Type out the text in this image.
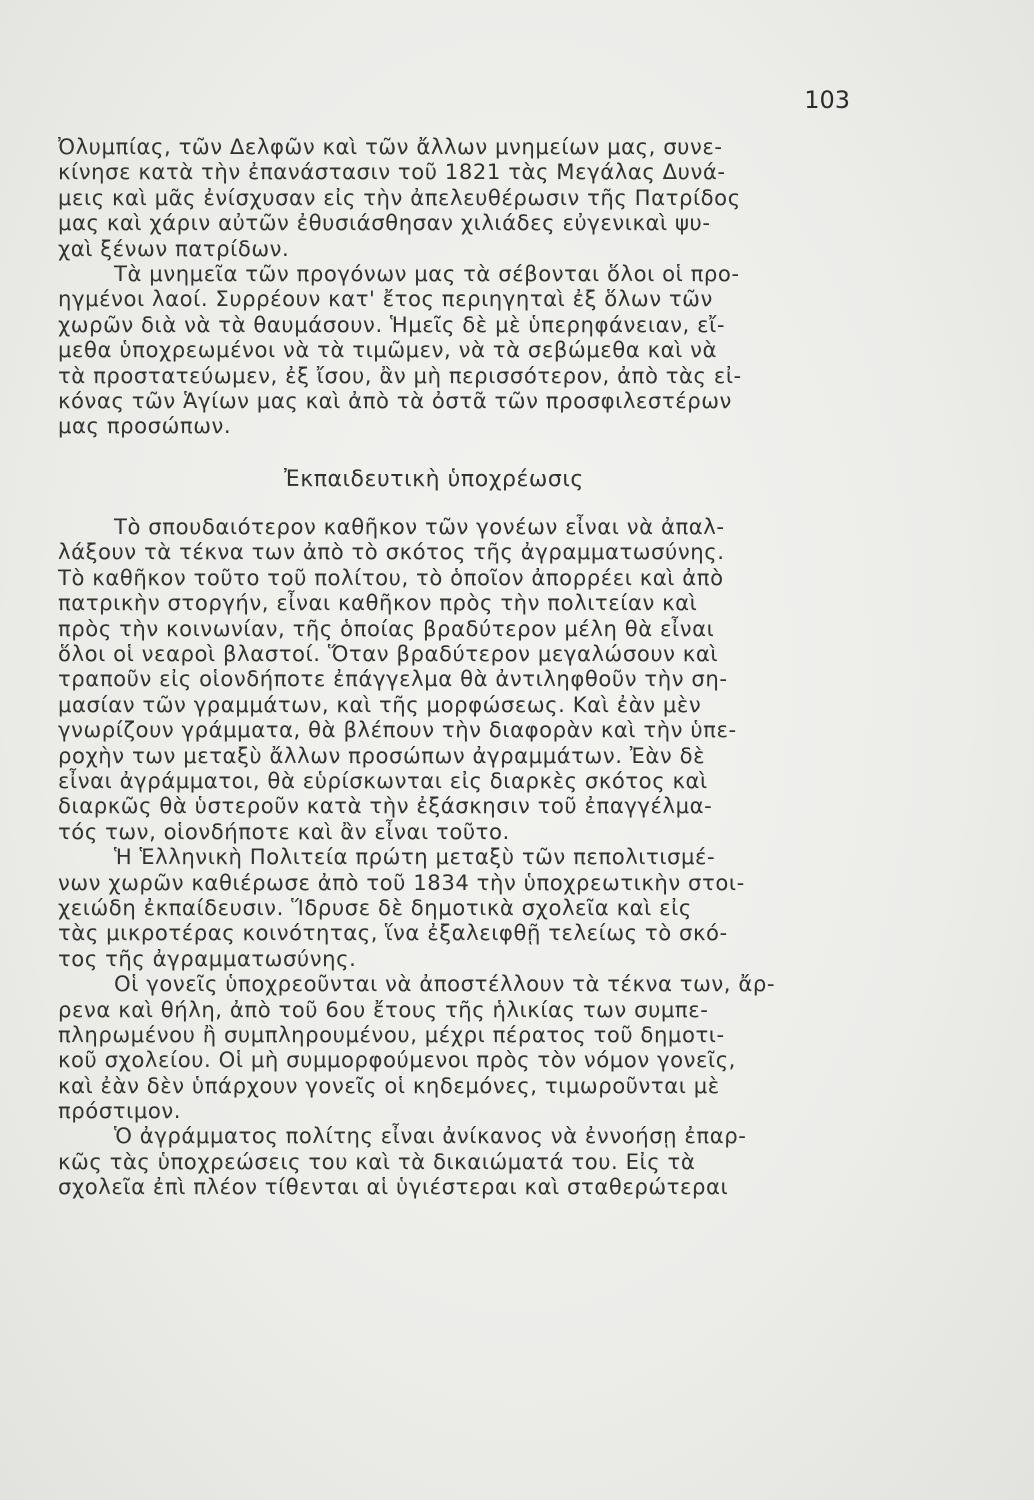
103
Ὀλυμπίας, τῶν Δελφῶν καὶ τῶν ἄλλων μνημείων μας, συνε-
κίνησε κατὰ τὴν ἐπανάστασιν τοῦ 1821 τὰς Μεγάλας Δυνά-
μεις καὶ μᾶς ἐνίσχυσαν εἰς τὴν ἀπελευθέρωσιν τῆς Πατρίδος
μας καὶ χάριν αὐτῶν ἐθυσιάσθησαν χιλιάδες εὐγενικαὶ ψυ-
χαὶ ξένων πατρίδων.
Τὰ μνημεῖα τῶν προγόνων μας τὰ σέβονται ὅλοι οἱ προ-
ηγμένοι λαοί. Συρρέουν κατ' ἔτος περιηγηταὶ ἐξ ὅλων τῶν
χωρῶν διὰ νὰ τὰ θαυμάσουν. Ἡμεῖς δὲ μὲ ὑπερηφάνειαν, εἴ-
μεθα ὑποχρεωμένοι νὰ τὰ τιμῶμεν, νὰ τὰ σεβώμεθα καὶ νὰ
τὰ προστατεύωμεν, ἐξ ἴσου, ἂν μὴ περισσότερον, ἀπὸ τὰς εἰ-
κόνας τῶν Ἁγίων μας καὶ ἀπὸ τὰ ὀστᾶ τῶν προσφιλεστέρων
μας προσώπων.
Ἐκπαιδευτικὴ ὑποχρέωσις
Τὸ σπουδαιότερον καθῆκον τῶν γονέων εἶναι νὰ ἀπαλ-
λάξουν τὰ τέκνα των ἀπὸ τὸ σκότος τῆς ἀγραμματωσύνης.
Τὸ καθῆκον τοῦτο τοῦ πολίτου, τὸ ὁποῖον ἀπορρέει καὶ ἀπὸ
πατρικὴν στοργήν, εἶναι καθῆκον πρὸς τὴν πολιτείαν καὶ
πρὸς τὴν κοινωνίαν, τῆς ὁποίας βραδύτερον μέλη θὰ εἶναι
ὅλοι οἱ νεαροὶ βλαστοί. Ὅταν βραδύτερον μεγαλώσουν καὶ
τραποῦν εἰς οἱονδήποτε ἐπάγγελμα θὰ ἀντιληφθοῦν τὴν ση-
μασίαν τῶν γραμμάτων, καὶ τῆς μορφώσεως. Καὶ ἐὰν μὲν
γνωρίζουν γράμματα, θὰ βλέπουν τὴν διαφορὰν καὶ τὴν ὑπε-
ροχὴν των μεταξὺ ἄλλων προσώπων ἀγραμμάτων. Ἐὰν δὲ
εἶναι ἀγράμματοι, θὰ εὑρίσκωνται εἰς διαρκὲς σκότος καὶ
διαρκῶς θὰ ὑστεροῦν κατὰ τὴν ἐξάσκησιν τοῦ ἐπαγγέλμα-
τός των, οἱονδήποτε καὶ ἂν εἶναι τοῦτο.
Ἡ Ἑλληνικὴ Πολιτεία πρώτη μεταξὺ τῶν πεπολιτισμέ-
νων χωρῶν καθιέρωσε ἀπὸ τοῦ 1834 τὴν ὑποχρεωτικὴν στοι-
χειώδη ἐκπαίδευσιν. Ἵδρυσε δὲ δημοτικὰ σχολεῖα καὶ εἰς
τὰς μικροτέρας κοινότητας, ἵνα ἐξαλειφθῇ τελείως τὸ σκό-
τος τῆς ἀγραμματωσύνης.
Οἱ γονεῖς ὑποχρεοῦνται νὰ ἀποστέλλουν τὰ τέκνα των, ἄρ-
ρενα καὶ θήλη, ἀπὸ τοῦ 6ου ἔτους τῆς ἡλικίας των συμπε-
πληρωμένου ἢ συμπληρουμένου, μέχρι πέρατος τοῦ δημοτι-
κοῦ σχολείου. Οἱ μὴ συμμορφούμενοι πρὸς τὸν νόμον γονεῖς,
καὶ ἐὰν δὲν ὑπάρχουν γονεῖς οἱ κηδεμόνες, τιμωροῦνται μὲ
πρόστιμον.
Ὁ ἀγράμματος πολίτης εἶναι ἀνίκανος νὰ ἐννοήσῃ ἐπαρ-
κῶς τὰς ὑποχρεώσεις του καὶ τὰ δικαιώματά του. Εἰς τὰ
σχολεῖα ἐπὶ πλέον τίθενται αἱ ὑγιέστεραι καὶ σταθερώτεραι
